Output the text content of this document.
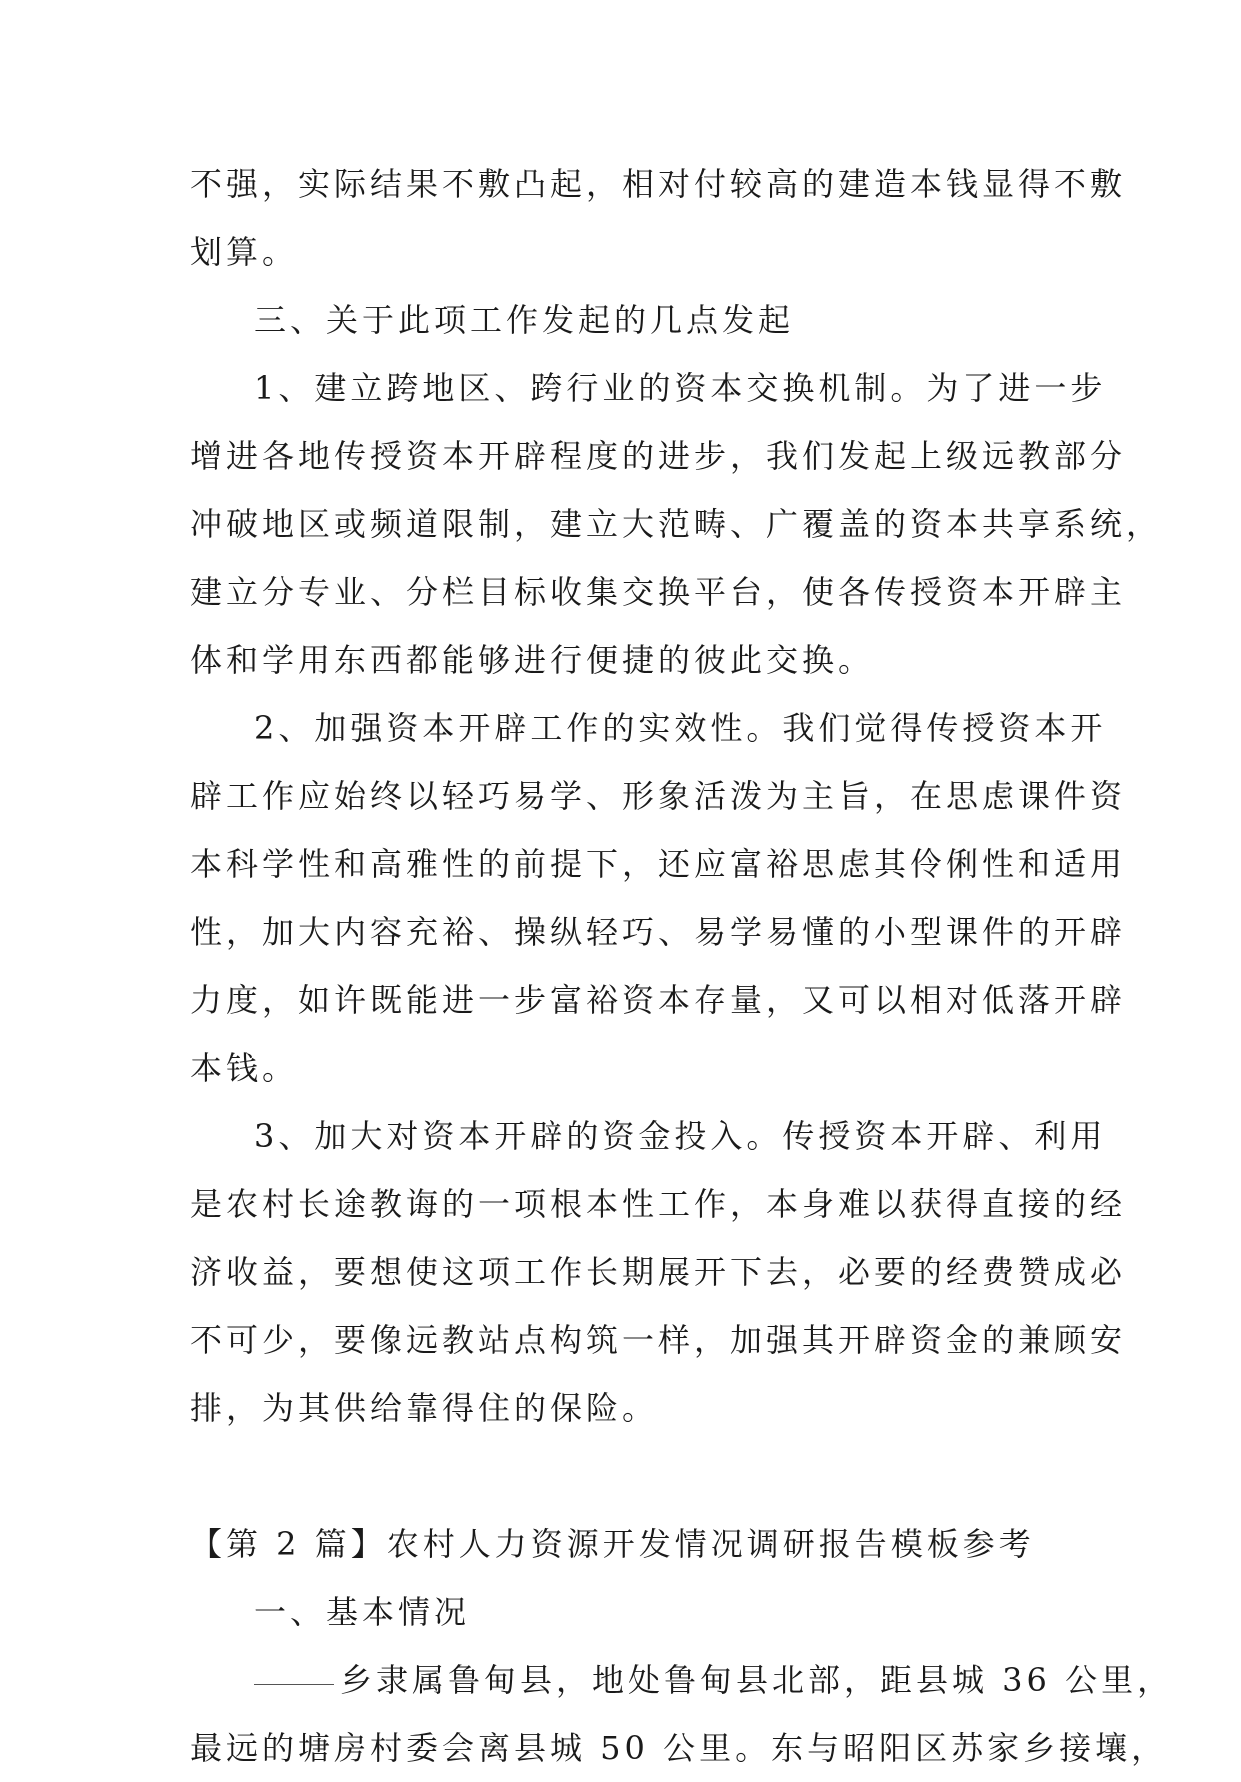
不强，实际结果不敷凸起，相对付较高的建造本钱显得不敷
划算。
三、关于此项工作发起的几点发起
1、建立跨地区、跨行业的资本交换机制。为了进一步
增进各地传授资本开辟程度的进步，我们发起上级远教部分
冲破地区或频道限制，建立大范畴、广覆盖的资本共享系统，
建立分专业、分栏目标收集交换平台，使各传授资本开辟主
体和学用东西都能够进行便捷的彼此交换。
2、加强资本开辟工作的实效性。我们觉得传授资本开
辟工作应始终以轻巧易学、形象活泼为主旨，在思虑课件资
本科学性和高雅性的前提下，还应富裕思虑其伶俐性和适用
性，加大内容充裕、操纵轻巧、易学易懂的小型课件的开辟
力度，如许既能进一步富裕资本存量，又可以相对低落开辟
本钱。
3、加大对资本开辟的资金投入。传授资本开辟、利用
是农村长途教诲的一项根本性工作，本身难以获得直接的经
济收益，要想使这项工作长期展开下去，必要的经费赞成必
不可少，要像远教站点构筑一样，加强其开辟资金的兼顾安
排，为其供给靠得住的保险。
【第 2 篇】农村人力资源开发情况调研报告模板参考
一、基本情况
乡隶属鲁甸县，地处鲁甸县北部，距县城 36 公里，
最远的塘房村委会离县城 50 公里。东与昭阳区苏家乡接壤，
